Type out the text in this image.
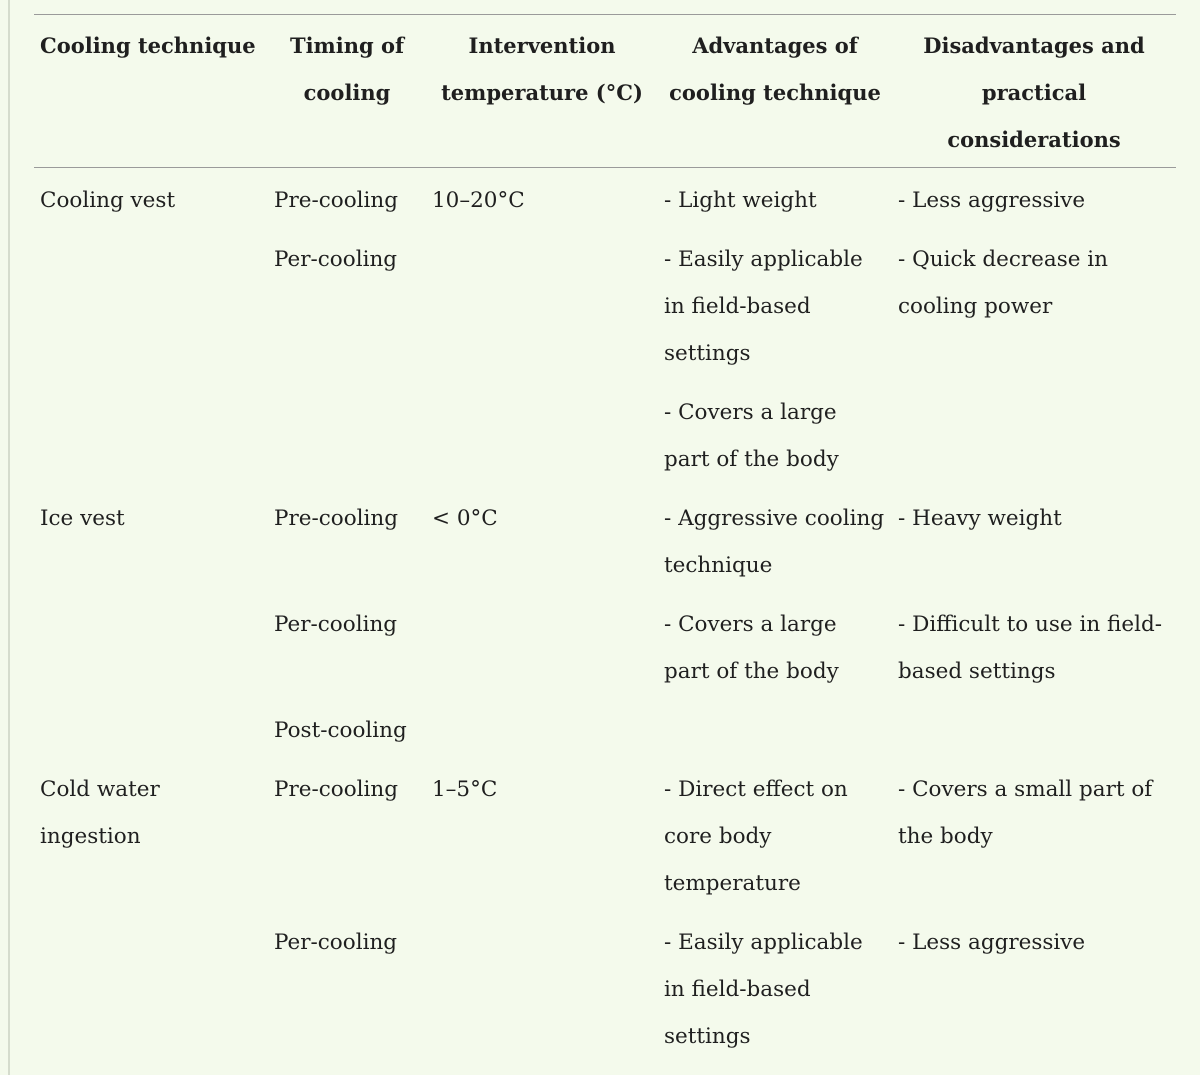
Cooling technique	Timing of cooling	Intervention temperature (°C)	Advantages of cooling technique	Disadvantages and practical considerations
Cooling vest	Pre-cooling	10–20°C	- Light weight	- Less aggressive
	Per-cooling		- Easily applicable in field-based settings	- Quick decrease in cooling power
			- Covers a large part of the body	
Ice vest	Pre-cooling	< 0°C	- Aggressive cooling technique	- Heavy weight
	Per-cooling		- Covers a large part of the body	- Difficult to use in field-based settings
	Post-cooling			
Cold water ingestion	Pre-cooling	1–5°C	- Direct effect on core body temperature	- Covers a small part of the body
	Per-cooling		- Easily applicable in field-based settings	- Less aggressive
